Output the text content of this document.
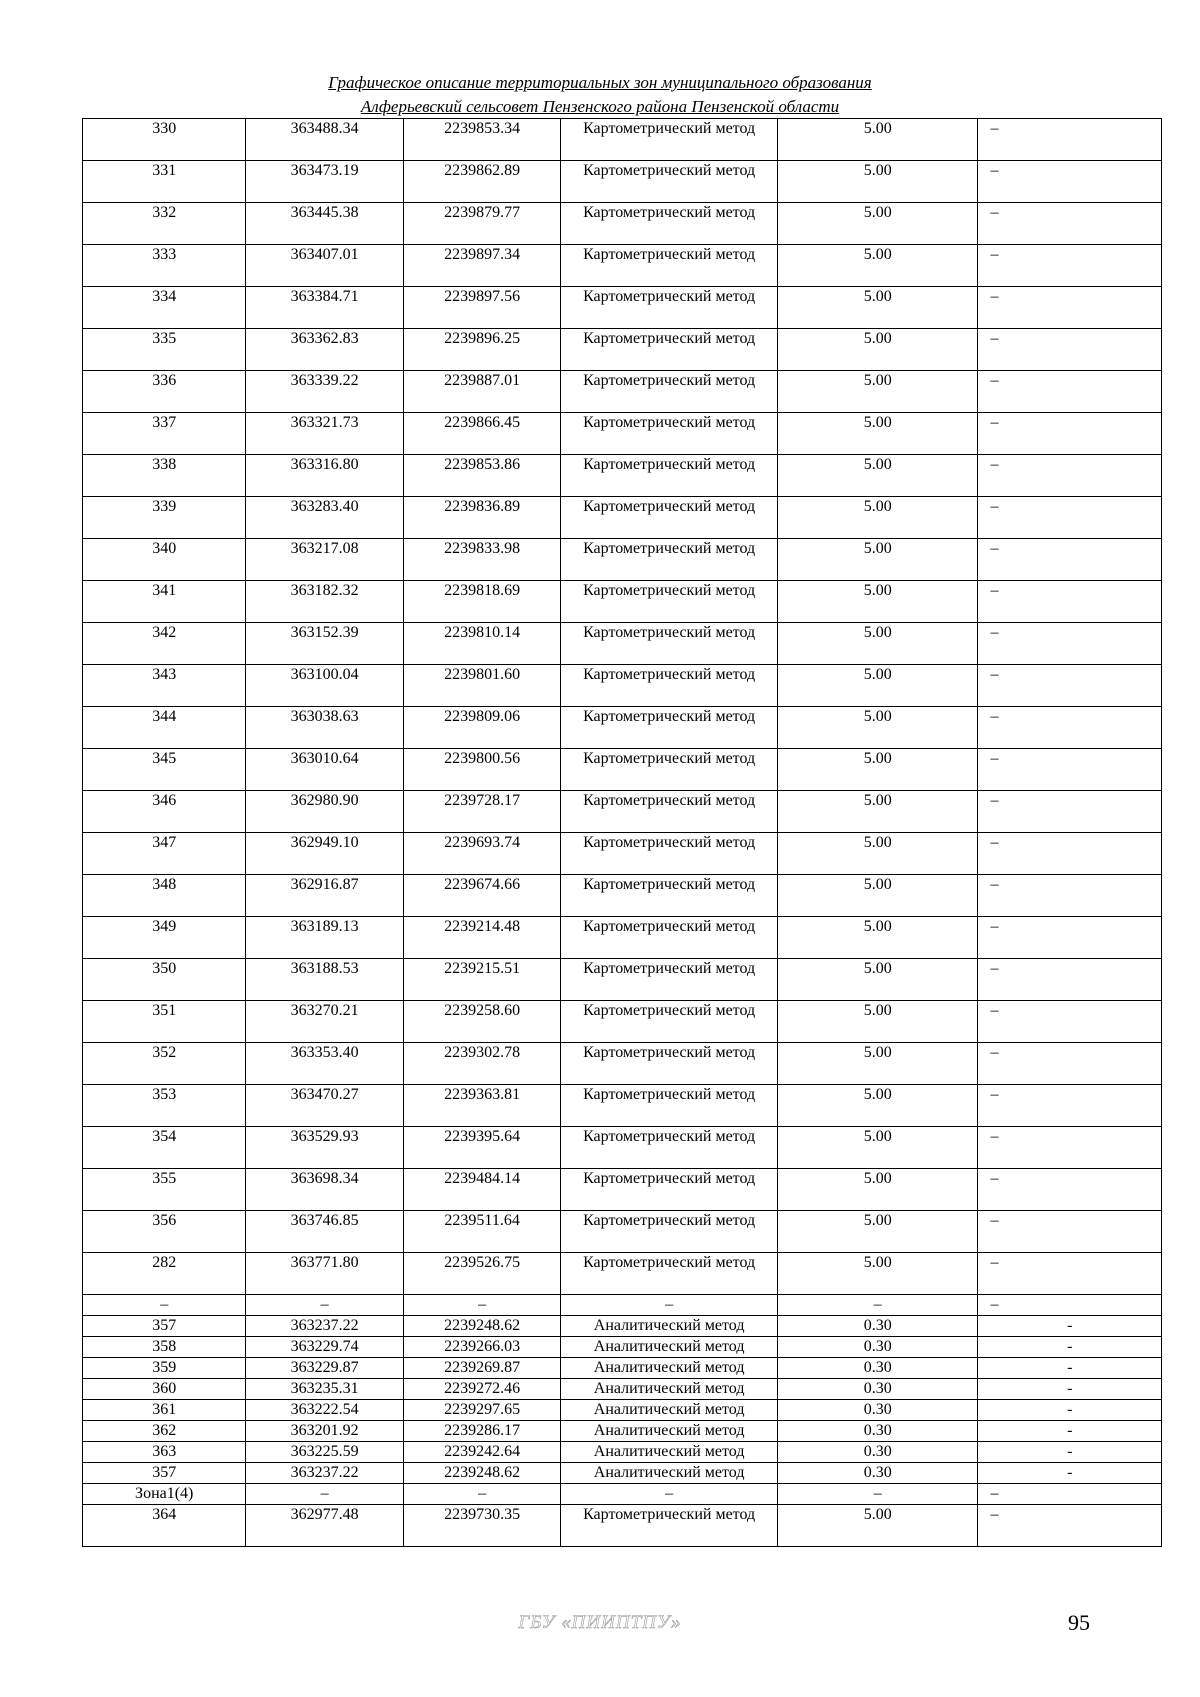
Графическое описание территориальных зон муниципального образования
Алферьевский сельсовет Пензенского района Пензенской области
330	363488.34	2239853.34	Картометрический метод	5.00	–
331	363473.19	2239862.89	Картометрический метод	5.00	–
332	363445.38	2239879.77	Картометрический метод	5.00	–
333	363407.01	2239897.34	Картометрический метод	5.00	–
334	363384.71	2239897.56	Картометрический метод	5.00	–
335	363362.83	2239896.25	Картометрический метод	5.00	–
336	363339.22	2239887.01	Картометрический метод	5.00	–
337	363321.73	2239866.45	Картометрический метод	5.00	–
338	363316.80	2239853.86	Картометрический метод	5.00	–
339	363283.40	2239836.89	Картометрический метод	5.00	–
340	363217.08	2239833.98	Картометрический метод	5.00	–
341	363182.32	2239818.69	Картометрический метод	5.00	–
342	363152.39	2239810.14	Картометрический метод	5.00	–
343	363100.04	2239801.60	Картометрический метод	5.00	–
344	363038.63	2239809.06	Картометрический метод	5.00	–
345	363010.64	2239800.56	Картометрический метод	5.00	–
346	362980.90	2239728.17	Картометрический метод	5.00	–
347	362949.10	2239693.74	Картометрический метод	5.00	–
348	362916.87	2239674.66	Картометрический метод	5.00	–
349	363189.13	2239214.48	Картометрический метод	5.00	–
350	363188.53	2239215.51	Картометрический метод	5.00	–
351	363270.21	2239258.60	Картометрический метод	5.00	–
352	363353.40	2239302.78	Картометрический метод	5.00	–
353	363470.27	2239363.81	Картометрический метод	5.00	–
354	363529.93	2239395.64	Картометрический метод	5.00	–
355	363698.34	2239484.14	Картометрический метод	5.00	–
356	363746.85	2239511.64	Картометрический метод	5.00	–
282	363771.80	2239526.75	Картометрический метод	5.00	–
–	–	–	–	–	–
357	363237.22	2239248.62	Аналитический метод	0.30	-
358	363229.74	2239266.03	Аналитический метод	0.30	-
359	363229.87	2239269.87	Аналитический метод	0.30	-
360	363235.31	2239272.46	Аналитический метод	0.30	-
361	363222.54	2239297.65	Аналитический метод	0.30	-
362	363201.92	2239286.17	Аналитический метод	0.30	-
363	363225.59	2239242.64	Аналитический метод	0.30	-
357	363237.22	2239248.62	Аналитический метод	0.30	-
Зона1(4)	–	–	–	–	–
364	362977.48	2239730.35	Картометрический метод	5.00	–
ГБУ «ПИИПТПУ»	95
